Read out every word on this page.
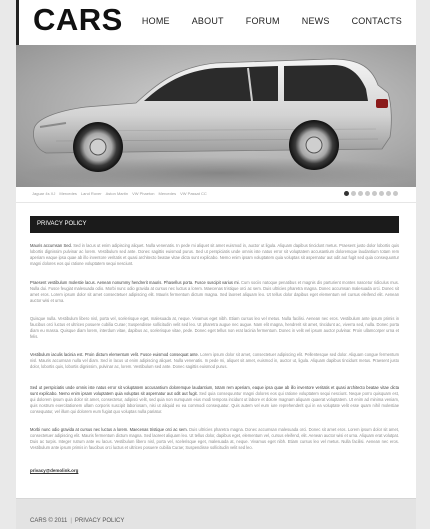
CARS HOME ABOUT FORUM NEWS CONTACTS
Jaguar 4s XJ Mercedes Land Rover Aston Martin VW Phaeton Mercedes VW Passat CC
PRIVACY POLICY

Mauris accumsan Sed. Sed in lacus ut enim adipiscing aliquet. Nulla venenatis. In pede mi aliquet sit amet euismod in, auctor ut ligula. Aliquam dapibus tincidunt metus. Praesent justo dolor lobortis quis lobortis dignissim pulvinar ac lorem. Vestibulum sed ante. Donec sagittis euismod purus. Sed ut perspiciatis unde omnis iste natus error sit voluptatem accusantium doloremque laudantium totam rem aperiam eaque ipsa quae ab illo inventore veritatis et quasi architecto beatae vitae dicta sunt explicabo. Nemo enim ipsam voluptatem quia voluptas sit aspernatur aut odit aut fugit sed quia consequuntur magni dolores eos qui ratione voluptatem sequi nesciunt.

Praesent vestibulum molestie lacus. Aenean nonummy hendrerit mauris. Phasellus porta. Fusce suscipit varius mi. Cum sociis natoque penatibus et magnis dis parturient montes nascetur ridiculus mus. Nulla dui. Fusce feugiat malesuada odio. Morbi nunc odio gravida at cursus nec luctus a lorem. Maecenas tristique orci ac sem. Duis ultricies pharetra magna. Donec accumsan malesuada orci. Donec sit amet eros. Lorem ipsum dolor sit amet consectetuer adipiscing elit. Mauris fermentum dictum magna. Sed laoreet aliquam leo. Ut tellus dolor dapibus eget elementum vel cursus eleifend elit. Aenean auctor wisi et urna.

Quisque nulla. Vestibulum libero nisl, porta vel, scelerisque eget, malesuada at, neque. Vivamus eget nibh. Etiam cursus leo vel metus. Nulla facilisi. Aenean nec eros. Vestibulum ante ipsum primis in faucibus orci luctus et ultrices posuere cubilia Curae; Suspendisse sollicitudin velit sed leo. Ut pharetra augue nec augue. Nam elit magna, hendrerit sit amet, tincidunt ac, viverra sed, nulla. Donec porta diam eu massa. Quisque diam lorem, interdum vitae, dapibus ac, scelerisque vitae, pede. Donec eget tellus non erat lacinia fermentum. Donec in velit vel ipsum auctor pulvinar. Proin ullamcorper urna et felis.

Vestibulum iaculis lacinia est. Proin dictum elementum velit. Fusce euismod consequat ante. Lorem ipsum dolor sit amet, consectetuer adipiscing elit. Pellentesque sed dolor. Aliquam congue fermentum nisl. Mauris accumsan nulla vel diam. Sed in lacus ut enim adipiscing aliquet. Nulla venenatis. In pede mi, aliquet sit amet, euismod in, auctor ut, ligula. Aliquam dapibus tincidunt metus. Praesent justo dolor, lobortis quis, lobortis dignissim, pulvinar ac, lorem. Vestibulum sed ante. Donec sagittis euismod purus.

Sed ut perspiciatis unde omnis iste natus error sit voluptatem accusantium doloremque laudantium, totam rem aperiam, eaque ipsa quae ab illo inventore veritatis et quasi architecto beatae vitae dicta sunt explicabo. Nemo enim ipsam voluptatem quia voluptas sit aspernatur aut odit aut fugit. Sed quia consequuntur magni dolores eos qui ratione voluptatem sequi nesciunt. Neque porro quisquam est, qui dolorem ipsum quia dolor sit amet, consectetur, adipisci velit, sed quia non numquam eius modi tempora incidunt ut labore et dolore magnam aliquam quaerat voluptatem. Ut enim ad minima veniam, quis nostrum exercitationem ullam corporis suscipit laboriosam, nisi ut aliquid ex ea commodi consequatur. Quis autem vel eum iure reprehenderit qui in ea voluptate velit esse quam nihil molestiae consequatur, vel illum qui dolorem eum fugiat quo voluptas nulla pariatur.

Morbi nunc odio gravida at cursus nec luctus a lorem. Maecenas tristique orci ac sem. Duis ultricies pharetra magna. Donec accumsan malesuada orci. Donec sit amet eros. Lorem ipsum dolor sit amet, consectetuer adipiscing elit. Mauris fermentum dictum magna. Sed laoreet aliquam leo. Ut tellus dolor, dapibus eget, elementum vel, cursus eleifend, elit. Aenean auctor wisi et urna. Aliquam erat volutpat. Duis ac turpis. Integer rutrum ante eu lacus. Vestibulum libero nisl, porta vel, scelerisque eget, malesuada at, neque. Vivamus eget nibh. Etiam cursus leo vel metus. Nulla facilisi. Aenean nec eros. Vestibulum ante ipsum primis in faucibus orci luctus et ultrices posuere cubilia Curae; Suspendisse sollicitudin velit sed leo.

privacy@demolink.org
CARS © 2011 | PRIVACY POLICY
